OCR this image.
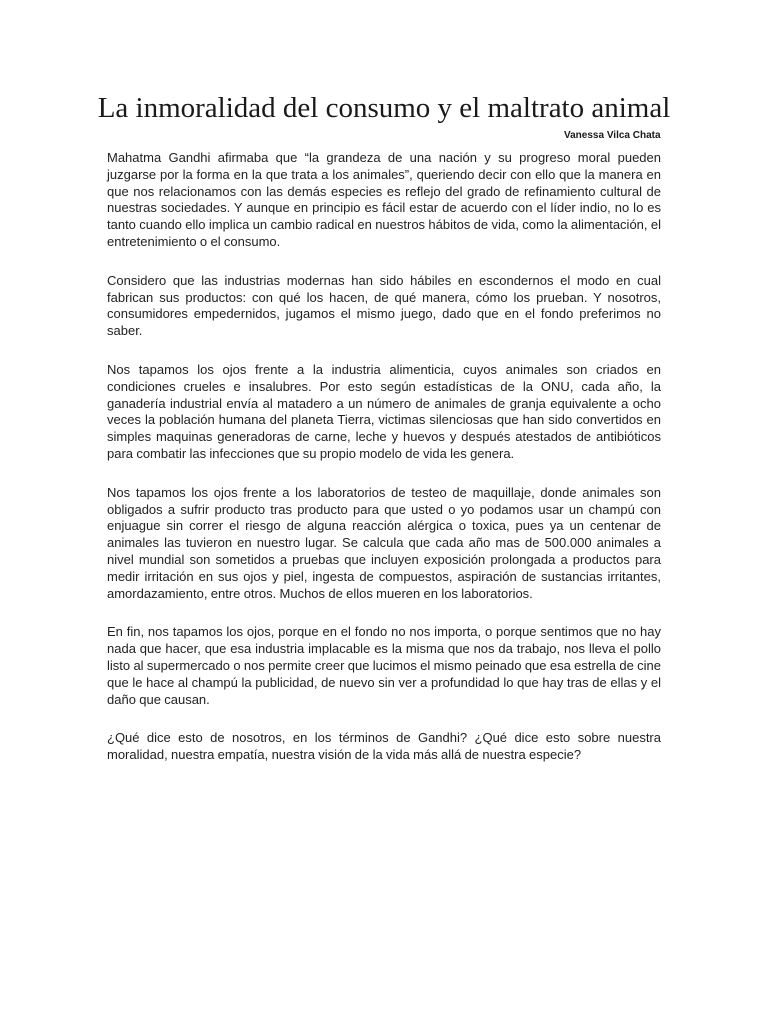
La inmoralidad del consumo y el maltrato animal

Vanessa Vilca Chata

Mahatma Gandhi afirmaba que “la grandeza de una nación y su progreso moral pueden juzgarse por la forma en la que trata a los animales”, queriendo decir con ello que la manera en que nos relacionamos con las demás especies es reflejo del grado de refinamiento cultural de nuestras sociedades. Y aunque en principio es fácil estar de acuerdo con el líder indio, no lo es tanto cuando ello implica un cambio radical en nuestros hábitos de vida, como la alimentación, el entretenimiento o el consumo.

Considero que las industrias modernas han sido hábiles en escondernos el modo en cual fabrican sus productos: con qué los hacen, de qué manera, cómo los prueban. Y nosotros, consumidores empedernidos, jugamos el mismo juego, dado que en el fondo preferimos no saber.

Nos tapamos los ojos frente a la industria alimenticia, cuyos animales son criados en condiciones crueles e insalubres. Por esto según estadísticas de la ONU, cada año, la ganadería industrial envía al matadero a un número de animales de granja equivalente a ocho veces la población humana del planeta Tierra, victimas silenciosas que han sido convertidos en simples maquinas generadoras de carne, leche y huevos y después atestados de antibióticos para combatir las infecciones que su propio modelo de vida les genera.

Nos tapamos los ojos frente a los laboratorios de testeo de maquillaje, donde animales son obligados a sufrir producto tras producto para que usted o yo podamos usar un champú con enjuague sin correr el riesgo de alguna reacción alérgica o toxica, pues ya un centenar de animales las tuvieron en nuestro lugar. Se calcula que cada año mas de 500.000 animales a nivel mundial son sometidos a pruebas que incluyen exposición prolongada a productos para medir irritación en sus ojos y piel, ingesta de compuestos, aspiración de sustancias irritantes, amordazamiento, entre otros. Muchos de ellos mueren en los laboratorios.

En fin, nos tapamos los ojos, porque en el fondo no nos importa, o porque sentimos que no hay nada que hacer, que esa industria implacable es la misma que nos da trabajo, nos lleva el pollo listo al supermercado o nos permite creer que lucimos el mismo peinado que esa estrella de cine que le hace al champú la publicidad, de nuevo sin ver a profundidad lo que hay tras de ellas y el daño que causan.

¿Qué dice esto de nosotros, en los términos de Gandhi? ¿Qué dice esto sobre nuestra moralidad, nuestra empatía, nuestra visión de la vida más allá de nuestra especie?
